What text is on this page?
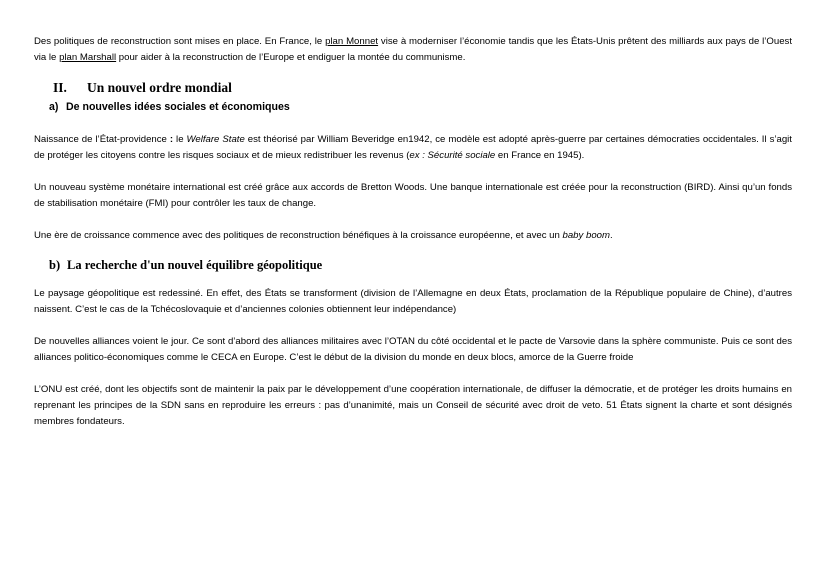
Des politiques de reconstruction sont mises en place. En France, le plan Monnet vise à moderniser l’économie tandis que les États-Unis prêtent des milliards aux pays de l’Ouest via le plan Marshall pour aider à la reconstruction de l’Europe et endiguer la montée du communisme.

II. Un nouvel ordre mondial
a) De nouvelles idées sociales et économiques

Naissance de l’État-providence : le Welfare State est théorisé par William Beveridge en1942, ce modèle est adopté après-guerre par certaines démocraties occidentales. Il s’agit de protéger les citoyens contre les risques sociaux et de mieux redistribuer les revenus (ex : Sécurité sociale en France en 1945).

Un nouveau système monétaire international est créé grâce aux accords de Bretton Woods. Une banque internationale est créée pour la reconstruction (BIRD). Ainsi qu’un fonds de stabilisation monétaire (FMI) pour contrôler les taux de change.

Une ère de croissance commence avec des politiques de reconstruction bénéfiques à la croissance européenne, et avec un baby boom.

b) La recherche d'un nouvel équilibre géopolitique

Le paysage géopolitique est redessiné. En effet, des États se transforment (division de l’Allemagne en deux États, proclamation de la République populaire de Chine), d’autres naissent. C’est le cas de la Tchécoslovaquie et d’anciennes colonies obtiennent leur indépendance)

De nouvelles alliances voient le jour. Ce sont d’abord des alliances militaires avec l’OTAN du côté occidental et le pacte de Varsovie dans la sphère communiste. Puis ce sont des alliances politico-économiques comme le CECA en Europe. C’est le début de la division du monde en deux blocs, amorce de la Guerre froide

L’ONU est créé, dont les objectifs sont de maintenir la paix par le développement d’une coopération internationale, de diffuser la démocratie, et de protéger les droits humains en reprenant les principes de la SDN sans en reproduire les erreurs : pas d’unanimité, mais un Conseil de sécurité avec droit de veto. 51 États signent la charte et sont désignés membres fondateurs.
